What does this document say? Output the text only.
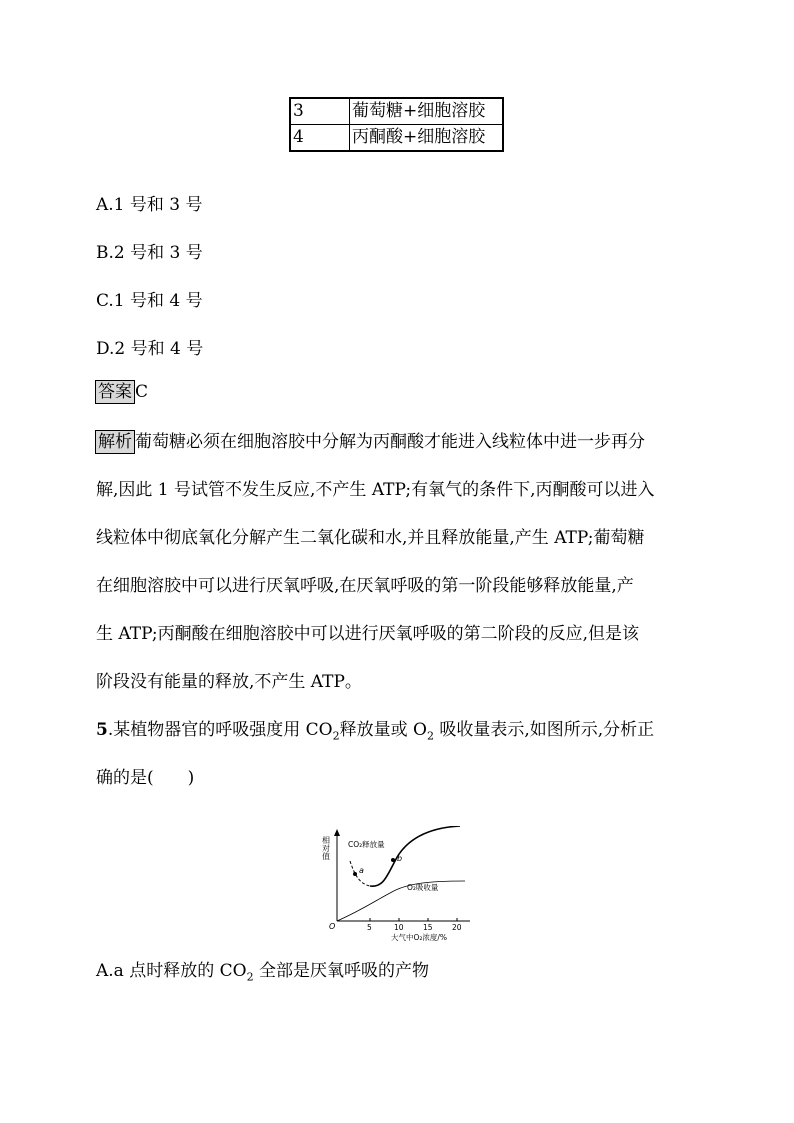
3	葡萄糖+细胞溶胶
4	丙酮酸+细胞溶胶
A.1 号和 3 号
B.2 号和 3 号
C.1 号和 4 号
D.2 号和 4 号
答案 C
解析 葡萄糖必须在细胞溶胶中分解为丙酮酸才能进入线粒体中进一步再分
解,因此 1 号试管不发生反应,不产生 ATP;有氧气的条件下,丙酮酸可以进入
线粒体中彻底氧化分解产生二氧化碳和水,并且释放能量,产生 ATP;葡萄糖
在细胞溶胶中可以进行厌氧呼吸,在厌氧呼吸的第一阶段能够释放能量,产
生 ATP;丙酮酸在细胞溶胶中可以进行厌氧呼吸的第二阶段的反应,但是该
阶段没有能量的释放,不产生 ATP。
5.某植物器官的呼吸强度用 $CO_2$释放量或 $O_2$ 吸收量表示,如图所示,分析正
确的是(　　)
相对值
a
b
CO₂释放量
O₂吸收量
O	5	10	15	20
大气中O₂浓度/%
A.a 点时释放的 $CO_2$ 全部是厌氧呼吸的产物
